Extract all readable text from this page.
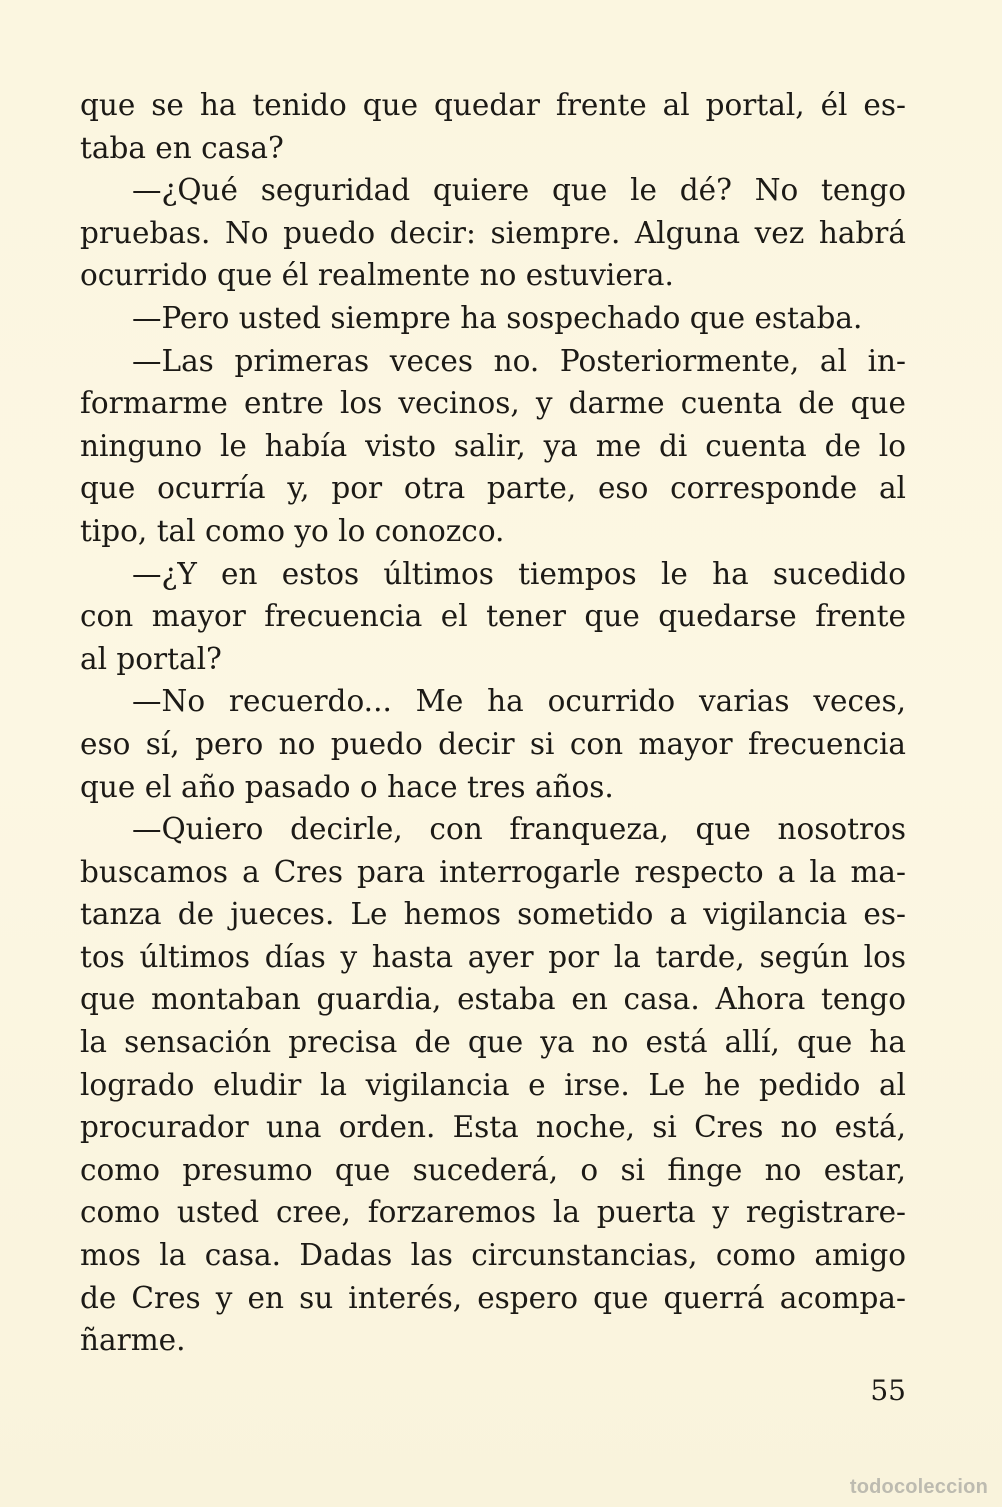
que se ha tenido que quedar frente al portal, él es-
taba en casa?
—¿Qué seguridad quiere que le dé? No tengo
pruebas. No puedo decir: siempre. Alguna vez habrá
ocurrido que él realmente no estuviera.
—Pero usted siempre ha sospechado que estaba.
—Las primeras veces no. Posteriormente, al in-
formarme entre los vecinos, y darme cuenta de que
ninguno le había visto salir, ya me di cuenta de lo
que ocurría y, por otra parte, eso corresponde al
tipo, tal como yo lo conozco.
—¿Y en estos últimos tiempos le ha sucedido
con mayor frecuencia el tener que quedarse frente
al portal?
—No recuerdo... Me ha ocurrido varias veces,
eso sí, pero no puedo decir si con mayor frecuencia
que el año pasado o hace tres años.
—Quiero decirle, con franqueza, que nosotros
buscamos a Cres para interrogarle respecto a la ma-
tanza de jueces. Le hemos sometido a vigilancia es-
tos últimos días y hasta ayer por la tarde, según los
que montaban guardia, estaba en casa. Ahora tengo
la sensación precisa de que ya no está allí, que ha
logrado eludir la vigilancia e irse. Le he pedido al
procurador una orden. Esta noche, si Cres no está,
como presumo que sucederá, o si finge no estar,
como usted cree, forzaremos la puerta y registrare-
mos la casa. Dadas las circunstancias, como amigo
de Cres y en su interés, espero que querrá acompa-
ñarme.
55
todocoleccion
